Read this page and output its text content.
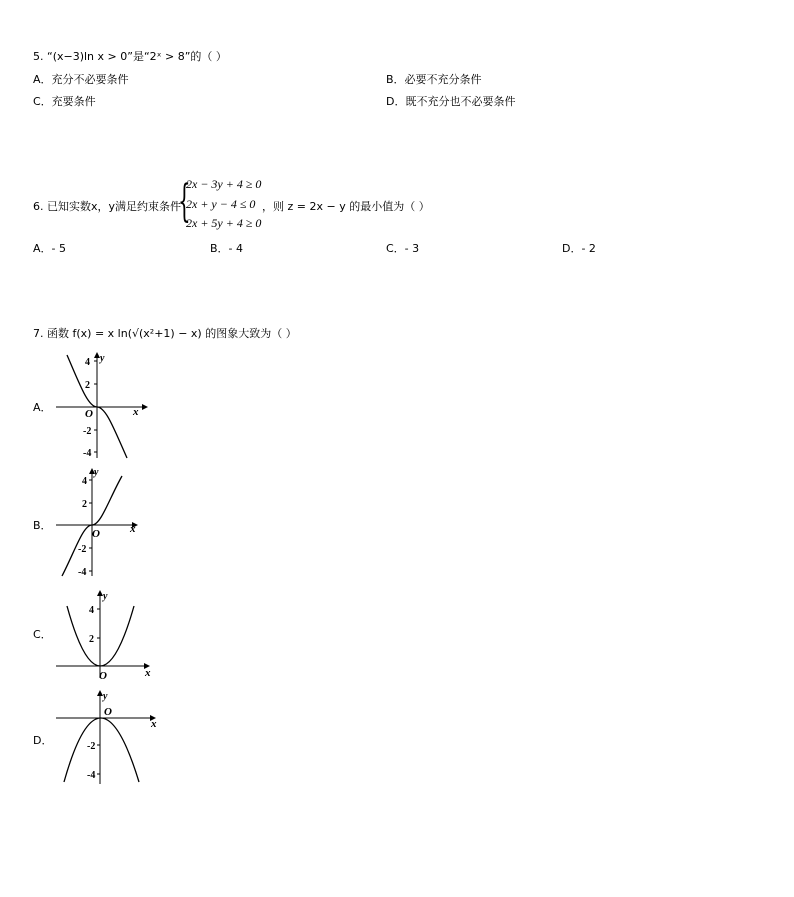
5. “(x−3)ln x > 0”是“2ˣ > 8”的（ ）
A．充分不必要条件	B．必要不充分条件
C．充要条件	D．既不充分也不必要条件
6. 已知实数x，y满足约束条件
{
2x − 3y + 4 ≥ 0
2x + y − 4 ≤ 0
2x + 5y + 4 ≥ 0
，则 z = 2x − y 的最小值为（ ）
A．- 5	B．- 4	C．- 3	D．- 2
7. 函数 f(x) = x ln(√(x²+1) − x) 的图象大致为（ ）
A．
4
2
O
-2
-4
x
y
B．
4
2
O
-2
-4
x
y
C．
4
2
O	x
y
D．
O
-2
-4
x
y
